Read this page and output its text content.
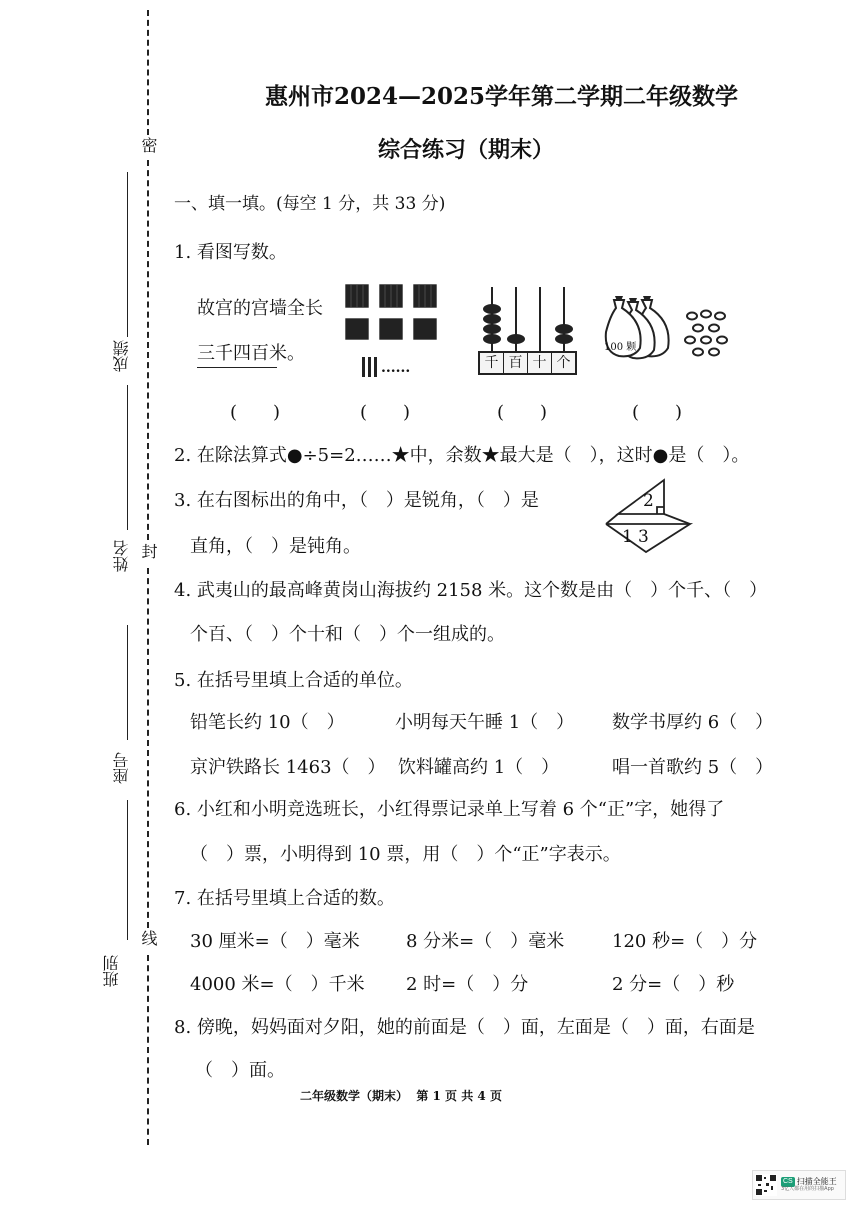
密
封
线
成绩
姓名
座号
班别
惠州市2024—2025学年第二学期二年级数学
综合练习（期末）
一、填一填。(每空 1 分，共 33 分)
1. 看图写数。
故宫的宫墙全长
三千四百米。
......	千 百 十 个
100 颗
(　　)	(　　)	(　　)	(　　)
2. 在除法算式●÷5=2……★中，余数★最大是（　），这时●是（　）。
3. 在右图标出的角中，（　）是锐角，（　）是
直角，（　）是钝角。
2
1 3
4. 武夷山的最高峰黄岗山海拔约 2158 米。这个数是由（　）个千、（　）
个百、（　）个十和（　）个一组成的。
5. 在括号里填上合适的单位。
铅笔长约 10（　）	小明每天午睡 1（　） 数学书厚约 6（　）
京沪铁路长 1463（　） 饮料罐高约 1（　）	唱一首歌约 5（　）
6. 小红和小明竞选班长，小红得票记录单上写着 6 个“正”字，她得了
（　）票，小明得到 10 票，用（　）个“正”字表示。
7. 在括号里填上合适的数。
30 厘米=（　）毫米	8 分米=（　）毫米	120 秒=（　）分
4000 米=（　）千米 2 时=（　）分	2 分=（　）秒
8. 傍晚，妈妈面对夕阳，她的前面是（　）面，左面是（　）面，右面是
（　）面。
二年级数学（期末）  第 1 页 共 4 页
CS 扫描全能王
3亿人都在用的扫描App
